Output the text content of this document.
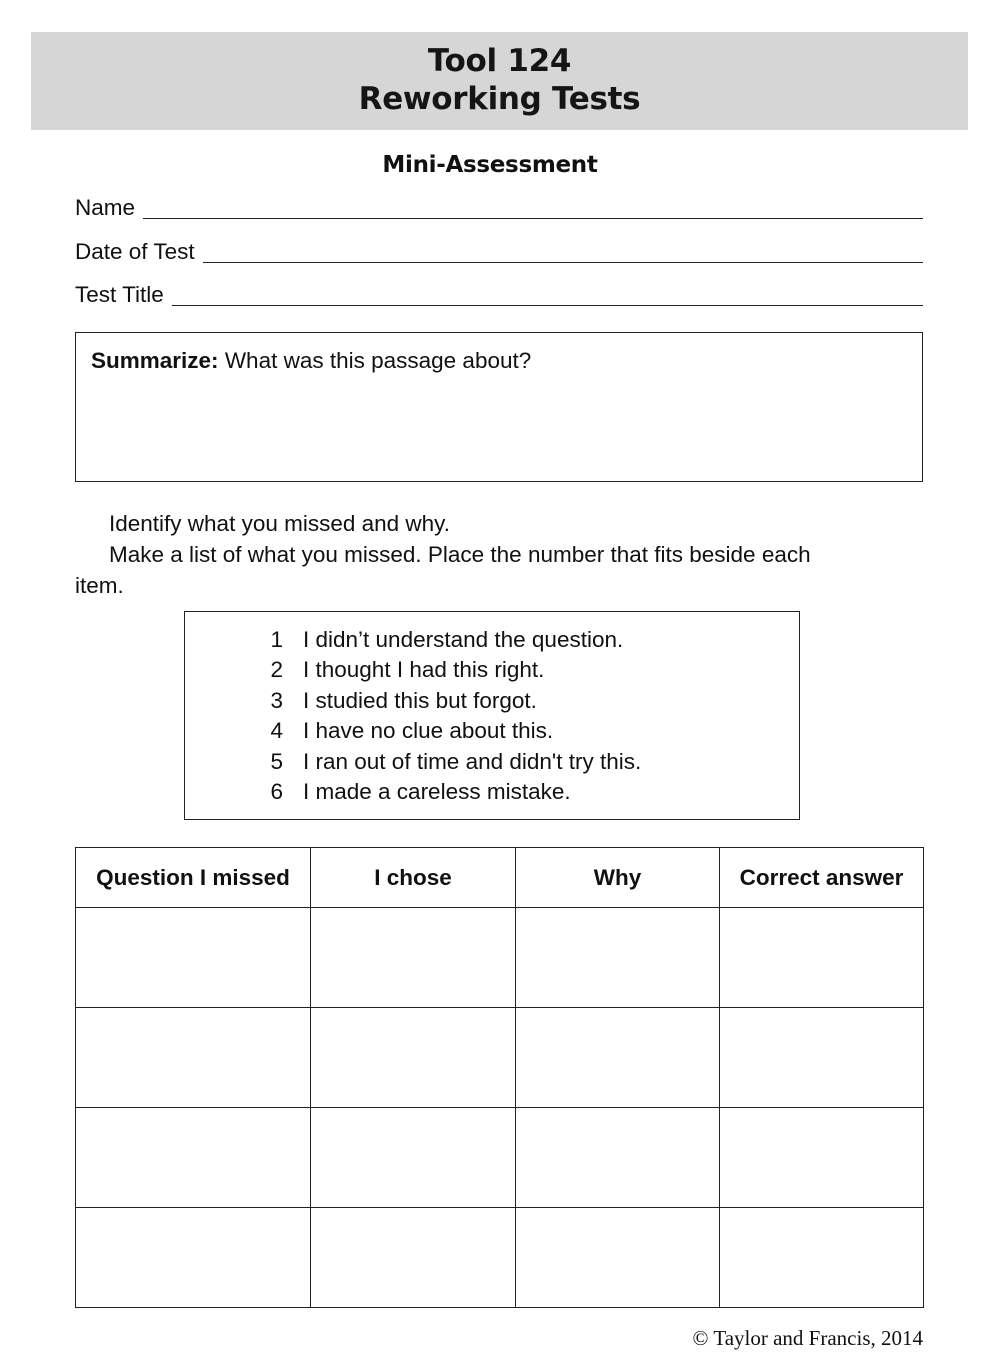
Tool 124
Reworking Tests
Mini-Assessment
Name
Date of Test
Test Title
Summarize: What was this passage about?

Identify what you missed and why.

Make a list of what you missed. Place the number that fits beside each item.

1 I didn’t understand the question.
2 I thought I had this right.
3 I studied this but forgot.
4 I have no clue about this.
5 I ran out of time and didn't try this.
6 I made a careless mistake.
Question I missed	I chose	Why	Correct answer

© Taylor and Francis, 2014
